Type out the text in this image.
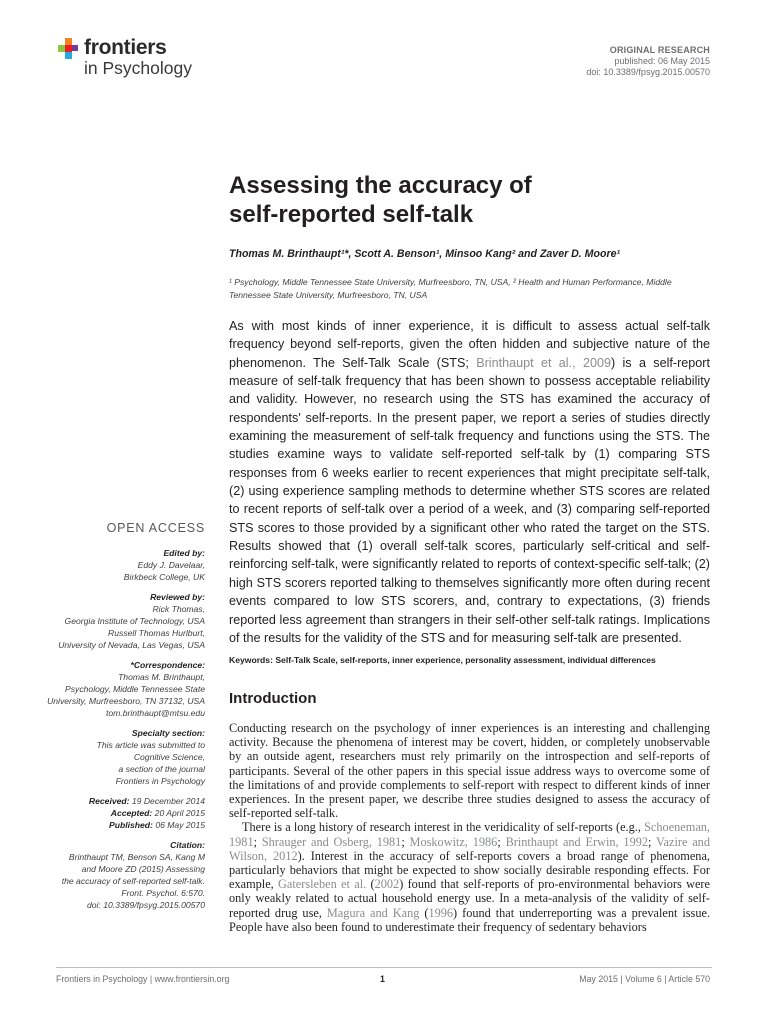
frontiers
in Psychology
ORIGINAL RESEARCH
published: 06 May 2015
doi: 10.3389/fpsyg.2015.00570
Assessing the accuracy of
self-reported self-talk
Thomas M. Brinthaupt¹*, Scott A. Benson¹, Minsoo Kang² and Zaver D. Moore¹
¹ Psychology, Middle Tennessee State University, Murfreesboro, TN, USA, ² Health and Human Performance, Middle Tennessee State University, Murfreesboro, TN, USA
As with most kinds of inner experience, it is difficult to assess actual self-talk frequency beyond self-reports, given the often hidden and subjective nature of the phenomenon. The Self-Talk Scale (STS; Brinthaupt et al., 2009) is a self-report measure of self-talk frequency that has been shown to possess acceptable reliability and validity. However, no research using the STS has examined the accuracy of respondents' self-reports. In the present paper, we report a series of studies directly examining the measurement of self-talk frequency and functions using the STS. The studies examine ways to validate self-reported self-talk by (1) comparing STS responses from 6 weeks earlier to recent experiences that might precipitate self-talk, (2) using experience sampling methods to determine whether STS scores are related to recent reports of self-talk over a period of a week, and (3) comparing self-reported STS scores to those provided by a significant other who rated the target on the STS. Results showed that (1) overall self-talk scores, particularly self-critical and self-reinforcing self-talk, were significantly related to reports of context-specific self-talk; (2) high STS scorers reported talking to themselves significantly more often during recent events compared to low STS scorers, and, contrary to expectations, (3) friends reported less agreement than strangers in their self-other self-talk ratings. Implications of the results for the validity of the STS and for measuring self-talk are presented.
Keywords: Self-Talk Scale, self-reports, inner experience, personality assessment, individual differences
Introduction

Conducting research on the psychology of inner experiences is an interesting and challenging activity. Because the phenomena of interest may be covert, hidden, or completely unobservable by an outside agent, researchers must rely primarily on the introspection and self-reports of participants. Several of the other papers in this special issue address ways to overcome some of the limitations of and provide complements to self-report with respect to different kinds of inner experiences. In the present paper, we describe three studies designed to assess the accuracy of self-reported self-talk.

There is a long history of research interest in the veridicality of self-reports (e.g., Schoeneman, 1981; Shrauger and Osberg, 1981; Moskowitz, 1986; Brinthaupt and Erwin, 1992; Vazire and Wilson, 2012). Interest in the accuracy of self-reports covers a broad range of phenomena, particularly behaviors that might be expected to show socially desirable responding effects. For example, Gatersleben et al. (2002) found that self-reports of pro-environmental behaviors were only weakly related to actual household energy use. In a meta-analysis of the validity of self-reported drug use, Magura and Kang (1996) found that underreporting was a prevalent issue. People have also been found to underestimate their frequency of sedentary behaviors

OPEN ACCESS
Edited by:
Eddy J. Davelaar,
Birkbeck College, UK
Reviewed by:
Rick Thomas,
Georgia Institute of Technology, USA
Russell Thomas Hurlburt,
University of Nevada, Las Vegas, USA
*Correspondence:
Thomas M. Brinthaupt,
Psychology, Middle Tennessee State
University, Murfreesboro, TN 37132, USA
tom.brinthaupt@mtsu.edu
Specialty section:
This article was submitted to
Cognitive Science,
a section of the journal
Frontiers in Psychology
Received: 19 December 2014
Accepted: 20 April 2015
Published: 06 May 2015
Citation:
Brinthaupt TM, Benson SA, Kang M
and Moore ZD (2015) Assessing
the accuracy of self-reported self-talk.
Front. Psychol. 6:570.
doi: 10.3389/fpsyg.2015.00570
Frontiers in Psychology | www.frontiersin.org	1	May 2015 | Volume 6 | Article 570
